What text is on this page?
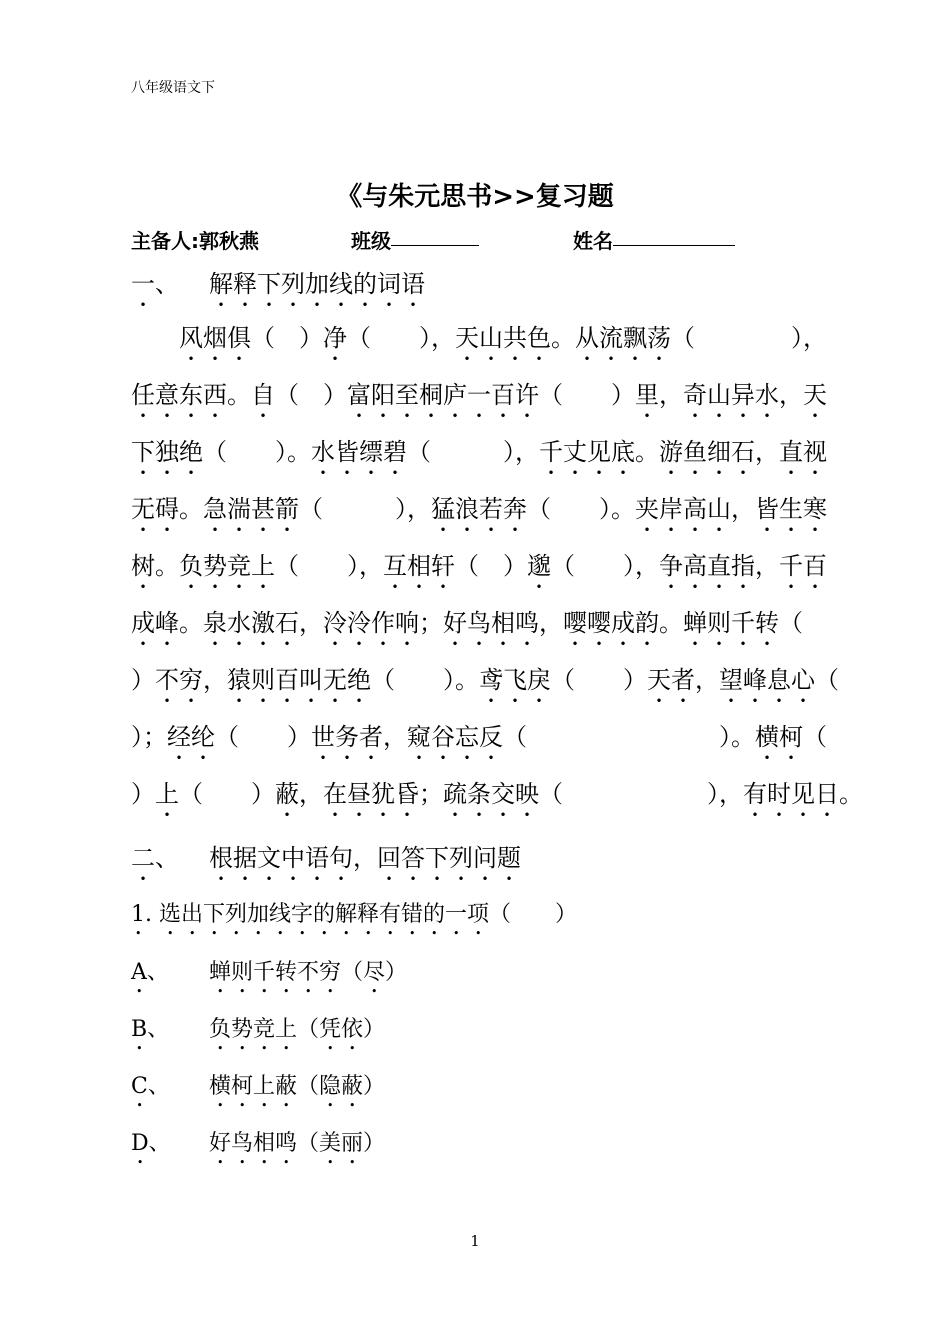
八年级语文下
《与朱元思书>>复习题
主备人:郭秋燕	班级	姓名
一、 解释下列加线的词语
　　风烟俱（　）净（　　），天山共色。从流飘荡（　　　　），
任意东西。自（　）富阳至桐庐一百许（　　）里，奇山异水，天
下独绝（　　）。水皆缥碧（　　　），千丈见底。游鱼细石，直视
无碍。急湍甚箭（　　　），猛浪若奔（　　）。夹岸高山，皆生寒
树。负势竞上（　　），互相轩（　）邈（　　），争高直指，千百
成峰。泉水激石，泠泠作响；好鸟相鸣，嘤嘤成韵。蝉则千转（
）不穷，猿则百叫无绝（　　）。鸢飞戾（　　）天者，望峰息心（
）；经纶（　　）世务者，窥谷忘反（　　　　　　　　）。横柯（
）上（　　）蔽，在昼犹昏；疏条交映（　　　　　　），有时见日。
二、 根据文中语句，回答下列问题
1. 选出下列加线字的解释有错的一项（　　）
A、 蝉则千转不穷（尽）
B、 负势竞上（凭依）
C、 横柯上蔽（隐蔽）
D、 好鸟相鸣（美丽）
1
